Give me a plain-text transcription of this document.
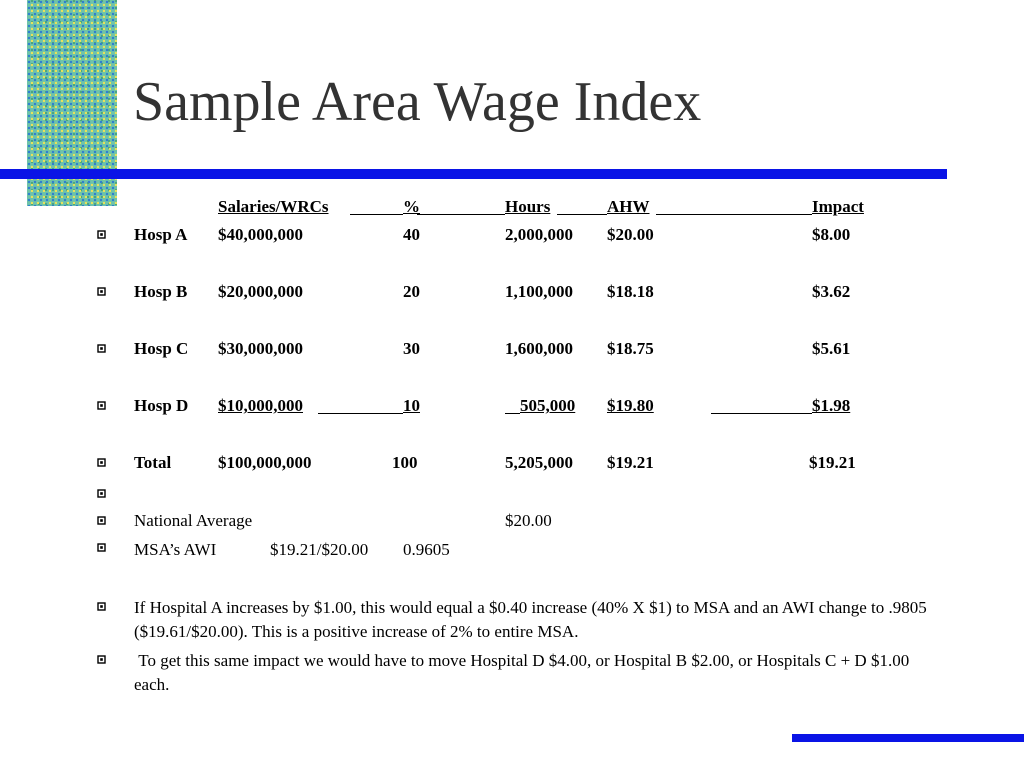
Sample Area Wage Index
Salaries/WRCs	%	Hours	AHW	Impact
Hosp A $40,000,000	40	2,000,000 $20.00	$8.00
Hosp B $20,000,000	20	1,100,000 $18.18	$3.62
Hosp C $30,000,000	30	1,600,000 $18.75	$5.61
Hosp D $10,000,000	10	505,000 $19.80	$1.98
Total	$100,000,000	100	5,205,000 $19.21	$19.21
National Average	$20.00
MSA’s AWI	$19.21/$20.00 0.9605
If Hospital A increases by $1.00, this would equal a $0.40 increase (40% X $1) to MSA and an AWI change to .9805 ($19.61/$20.00). This is a positive increase of 2% to entire MSA.
To get this same impact we would have to move Hospital D $4.00, or Hospital B $2.00, or Hospitals C + D $1.00 each.
